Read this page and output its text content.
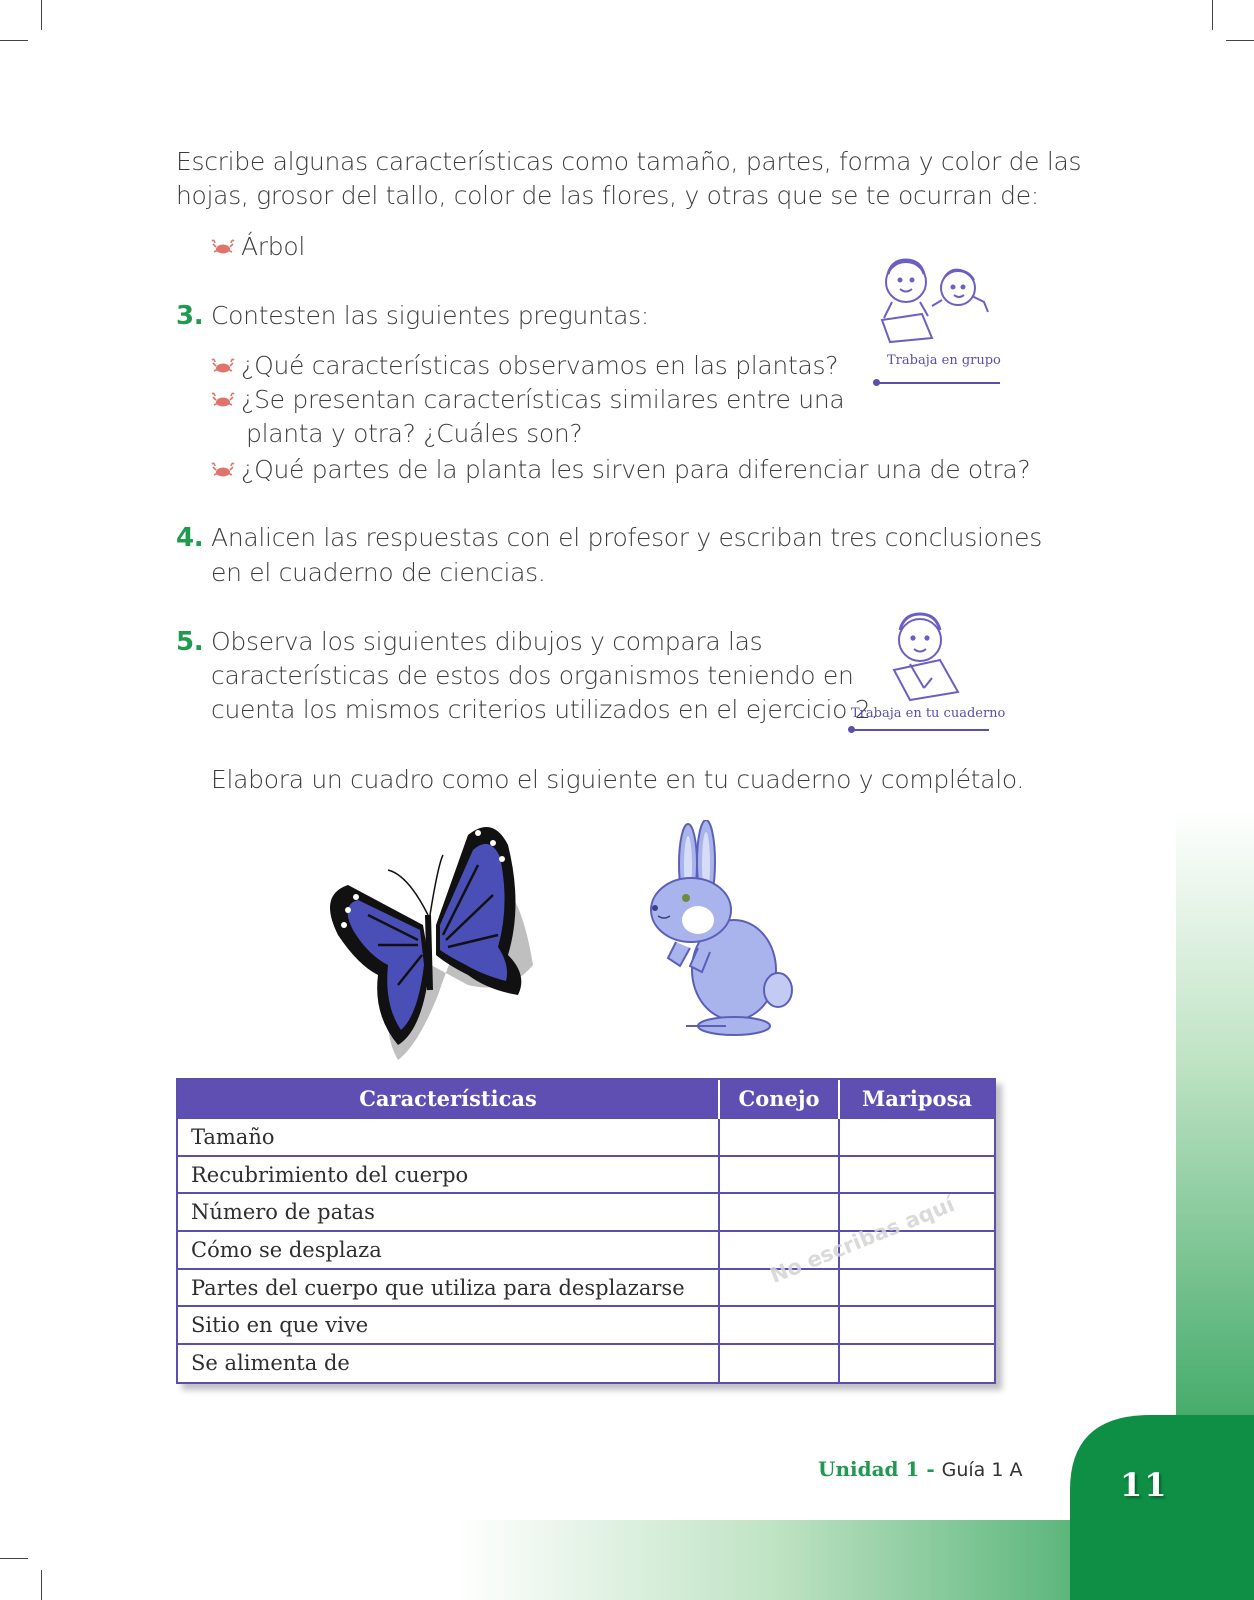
Escribe algunas características como tamaño, partes, forma y color de las
hojas, grosor del tallo, color de las flores, y otras que se te ocurran de:
Árbol
3. Contesten las siguientes preguntas:
¿Qué características observamos en las plantas?
¿Se presentan características similares entre una
planta y otra? ¿Cuáles son?
¿Qué partes de la planta les sirven para diferenciar una de otra?
Trabaja en grupo
4. Analicen las respuestas con el profesor y escriban tres conclusiones
en el cuaderno de ciencias.
5. Observa los siguientes dibujos y compara las
características de estos dos organismos teniendo en
cuenta los mismos criterios utilizados en el ejercicio 2.
Trabaja en tu cuaderno
Elabora un cuadro como el siguiente en tu cuaderno y complétalo.
Características	Conejo	Mariposa
Tamaño		
Recubrimiento del cuerpo		
Número de patas		
Cómo se desplaza		
Partes del cuerpo que utiliza para desplazarse		
Sitio en que vive		
Se alimenta de		
No escribas aquí
Unidad 1 - Guía 1 A	11
